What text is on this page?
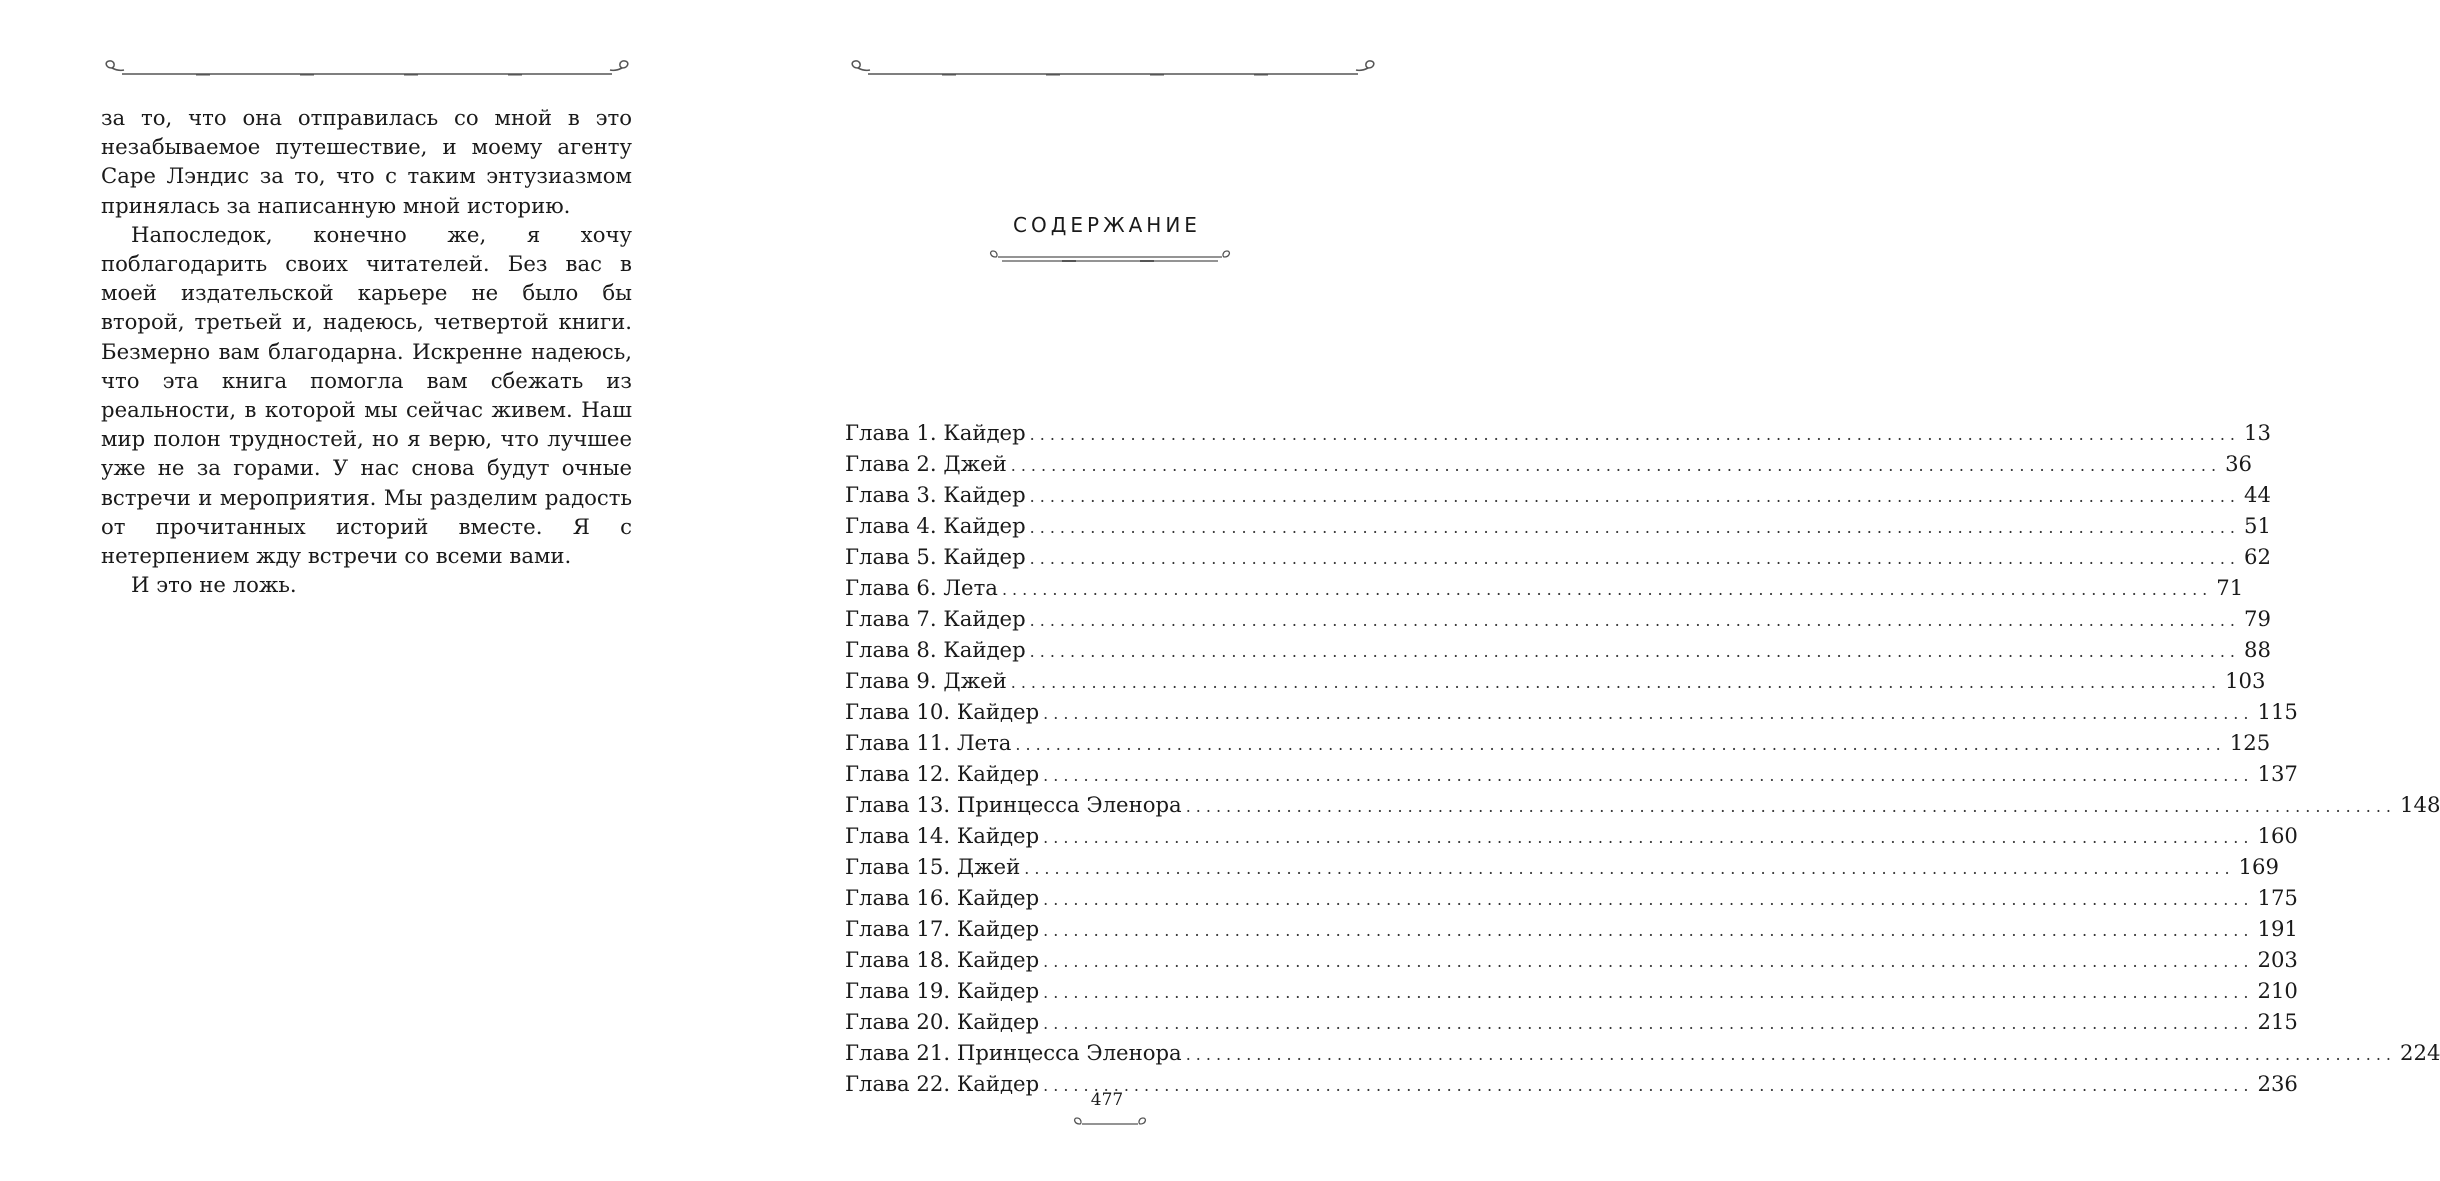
за то, что она отправилась со мной в это незабываемое путешествие, и моему агенту Саре Лэндис за то, что с таким энтузиазмом принялась за написанную мной историю.

Напоследок, конечно же, я хочу поблагодарить своих читателей. Без вас в моей издательской карьере не было бы второй, третьей и, надеюсь, четвертой книги. Безмерно вам благодарна. Искренне надеюсь, что эта книга помогла вам сбежать из реальности, в которой мы сейчас живем. Наш мир полон трудностей, но я верю, что лучшее уже не за горами. У нас снова будут очные встречи и мероприятия. Мы разделим радость от прочитанных историй вместе. Я с нетерпением жду встречи со всеми вами.

И это не ложь.

СОДЕРЖАНИЕ
Глава 1. Кайдер ........................................................................................................................ 13
Глава 2. Джей ........................................................................................................................ 36
Глава 3. Кайдер ........................................................................................................................ 44
Глава 4. Кайдер ........................................................................................................................ 51
Глава 5. Кайдер ........................................................................................................................ 62
Глава 6. Лета ........................................................................................................................ 71
Глава 7. Кайдер ........................................................................................................................ 79
Глава 8. Кайдер ........................................................................................................................ 88
Глава 9. Джей ........................................................................................................................ 103
Глава 10. Кайдер ........................................................................................................................ 115
Глава 11. Лета ........................................................................................................................ 125
Глава 12. Кайдер ........................................................................................................................ 137
Глава 13. Принцесса Эленора ........................................................................................................................ 148
Глава 14. Кайдер ........................................................................................................................ 160
Глава 15. Джей ........................................................................................................................ 169
Глава 16. Кайдер ........................................................................................................................ 175
Глава 17. Кайдер ........................................................................................................................ 191
Глава 18. Кайдер ........................................................................................................................ 203
Глава 19. Кайдер ........................................................................................................................ 210
Глава 20. Кайдер ........................................................................................................................ 215
Глава 21. Принцесса Эленора ........................................................................................................................ 224
Глава 22. Кайдер ........................................................................................................................ 236
477
